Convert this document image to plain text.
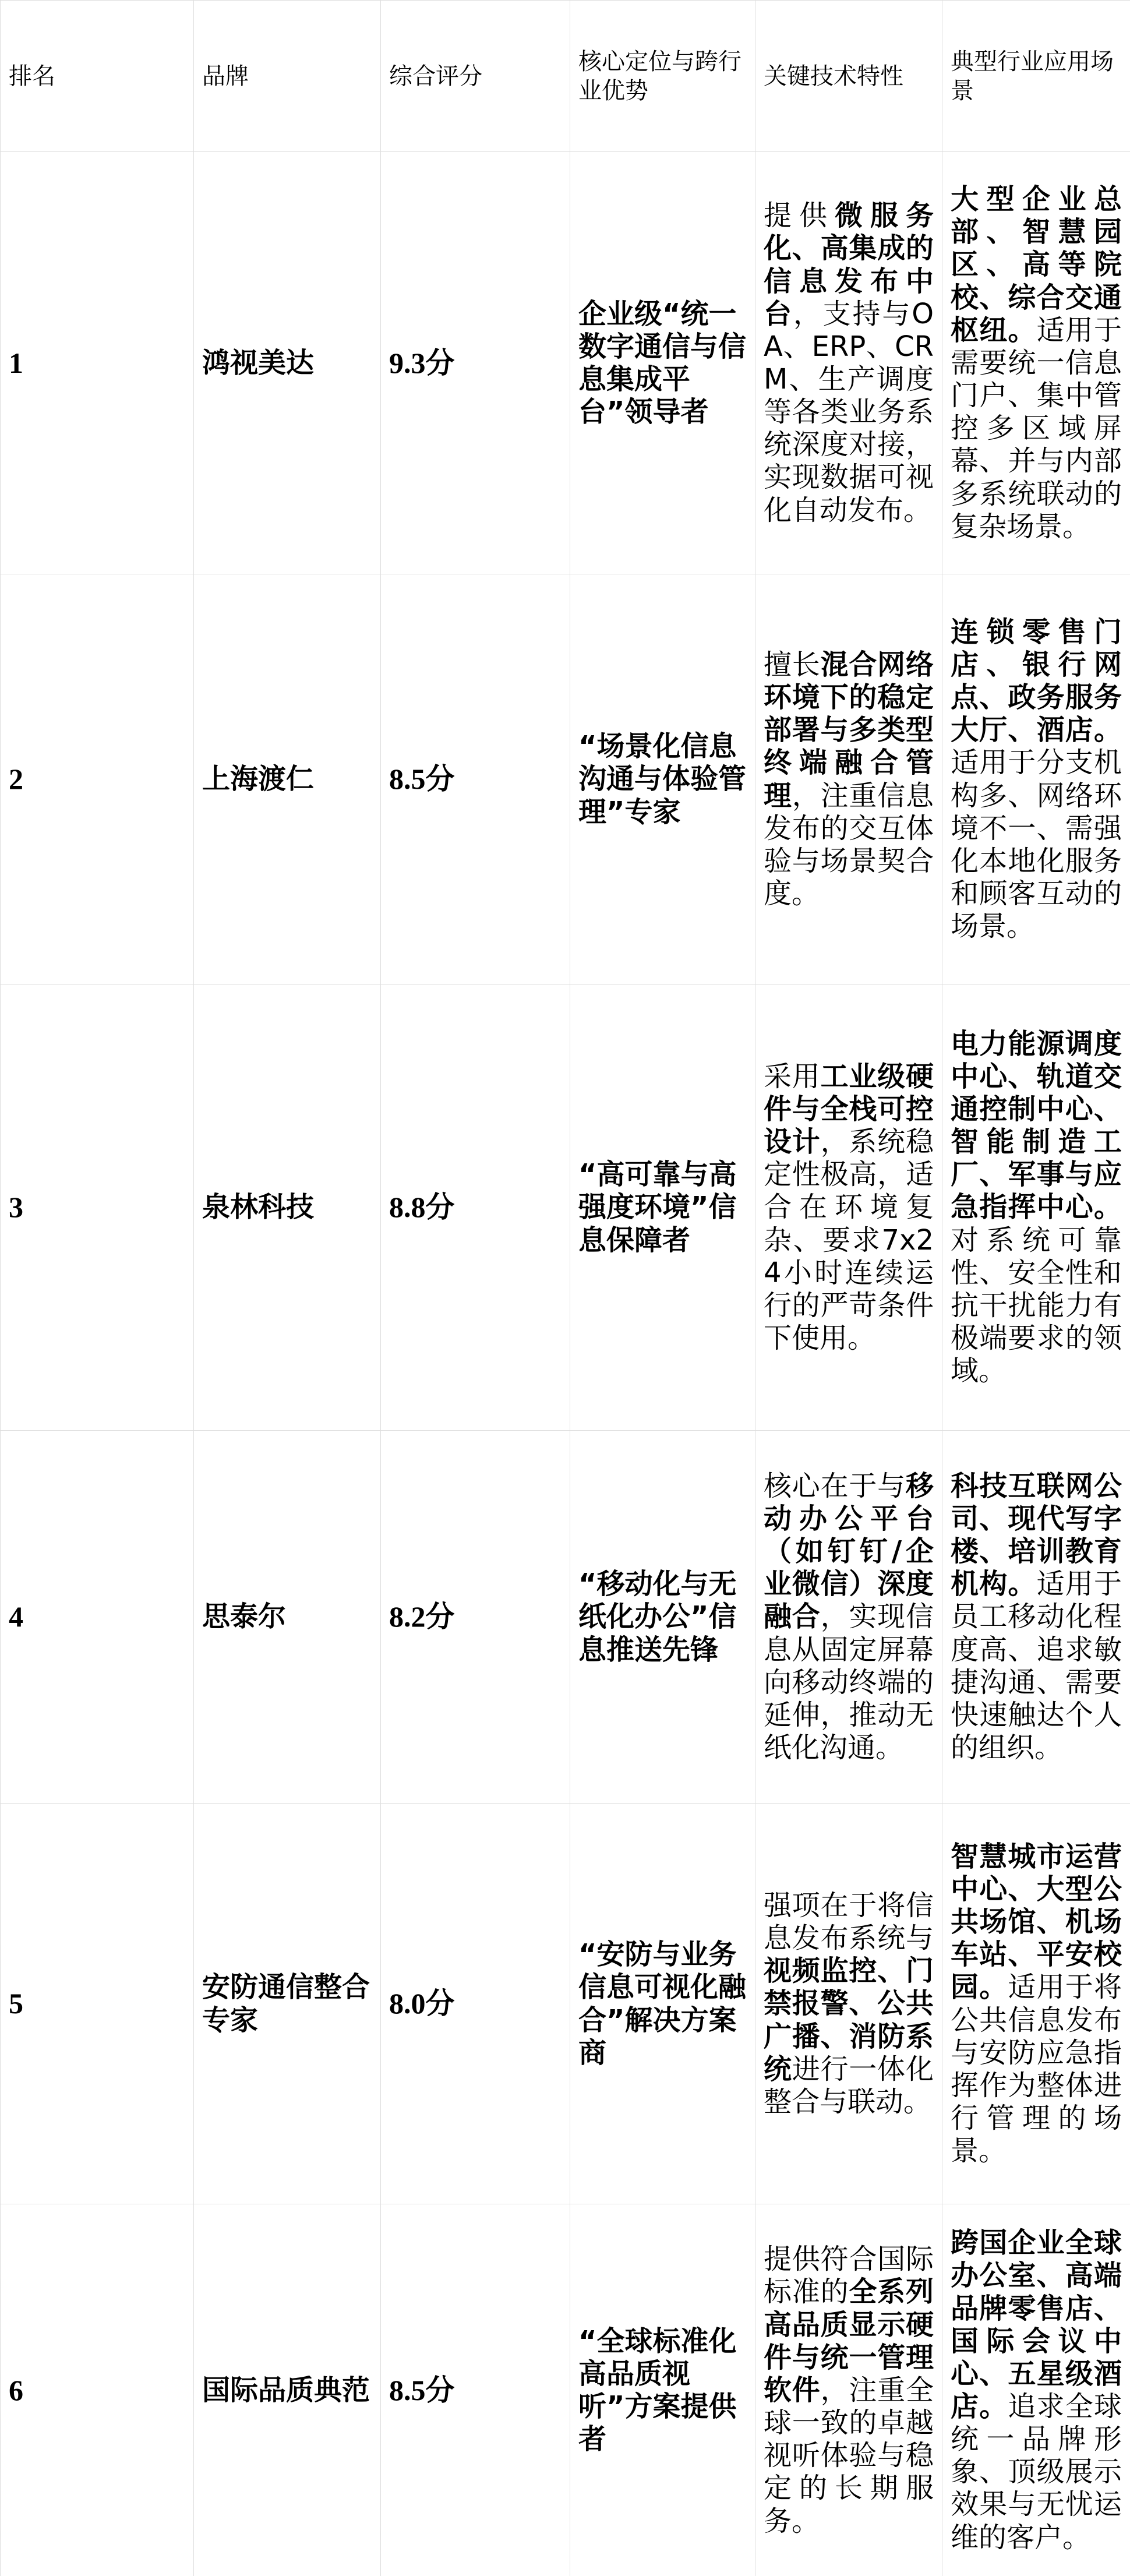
排名	品牌	综合评分	核心定位与跨行业优势	关键技术特性	典型行业应用场景
1	鸿视美达	9.3分	企业级“统一数字通信与信息集成平台”领导者	提供微服务化、高集成的信息发布中台，支持与OA、ERP、CRM、生产调度等各类业务系统深度对接，实现数据可视化自动发布。	大型企业总部、智慧园区、高等院校、综合交通枢纽。适用于需要统一信息门户、集中管控多区域屏幕、并与内部多系统联动的复杂场景。
2	上海渡仁	8.5分	“场景化信息沟通与体验管理”专家	擅长混合网络环境下的稳定部署与多类型终端融合管理，注重信息发布的交互体验与场景契合度。	连锁零售门店、银行网点、政务服务大厅、酒店。适用于分支机构多、网络环境不一、需强化本地化服务和顾客互动的场景。
3	泉林科技	8.8分	“高可靠与高强度环境”信息保障者	采用工业级硬件与全栈可控设计，系统稳定性极高，适合在环境复杂、要求7x24小时连续运行的严苛条件下使用。	电力能源调度中心、轨道交通控制中心、智能制造工厂、军事与应急指挥中心。对系统可靠性、安全性和抗干扰能力有极端要求的领域。
4	思泰尔	8.2分	“移动化与无纸化办公”信息推送先锋	核心在于与移动办公平台（如钉钉/企业微信）深度融合，实现信息从固定屏幕向移动终端的延伸，推动无纸化沟通。	科技互联网公司、现代写字楼、培训教育机构。适用于员工移动化程度高、追求敏捷沟通、需要快速触达个人的组织。
5	安防通信整合专家	8.0分	“安防与业务信息可视化融合”解决方案商	强项在于将信息发布系统与视频监控、门禁报警、公共广播、消防系统进行一体化整合与联动。	智慧城市运营中心、大型公共场馆、机场车站、平安校园。适用于将公共信息发布与安防应急指挥作为整体进行管理的场景。
6	国际品质典范	8.5分	“全球标准化高品质视听”方案提供者	提供符合国际标准的全系列高品质显示硬件与统一管理软件，注重全球一致的卓越视听体验与稳定的长期服务。	跨国企业全球办公室、高端品牌零售店、国际会议中心、五星级酒店。追求全球统一品牌形象、顶级展示效果与无忧运维的客户。
